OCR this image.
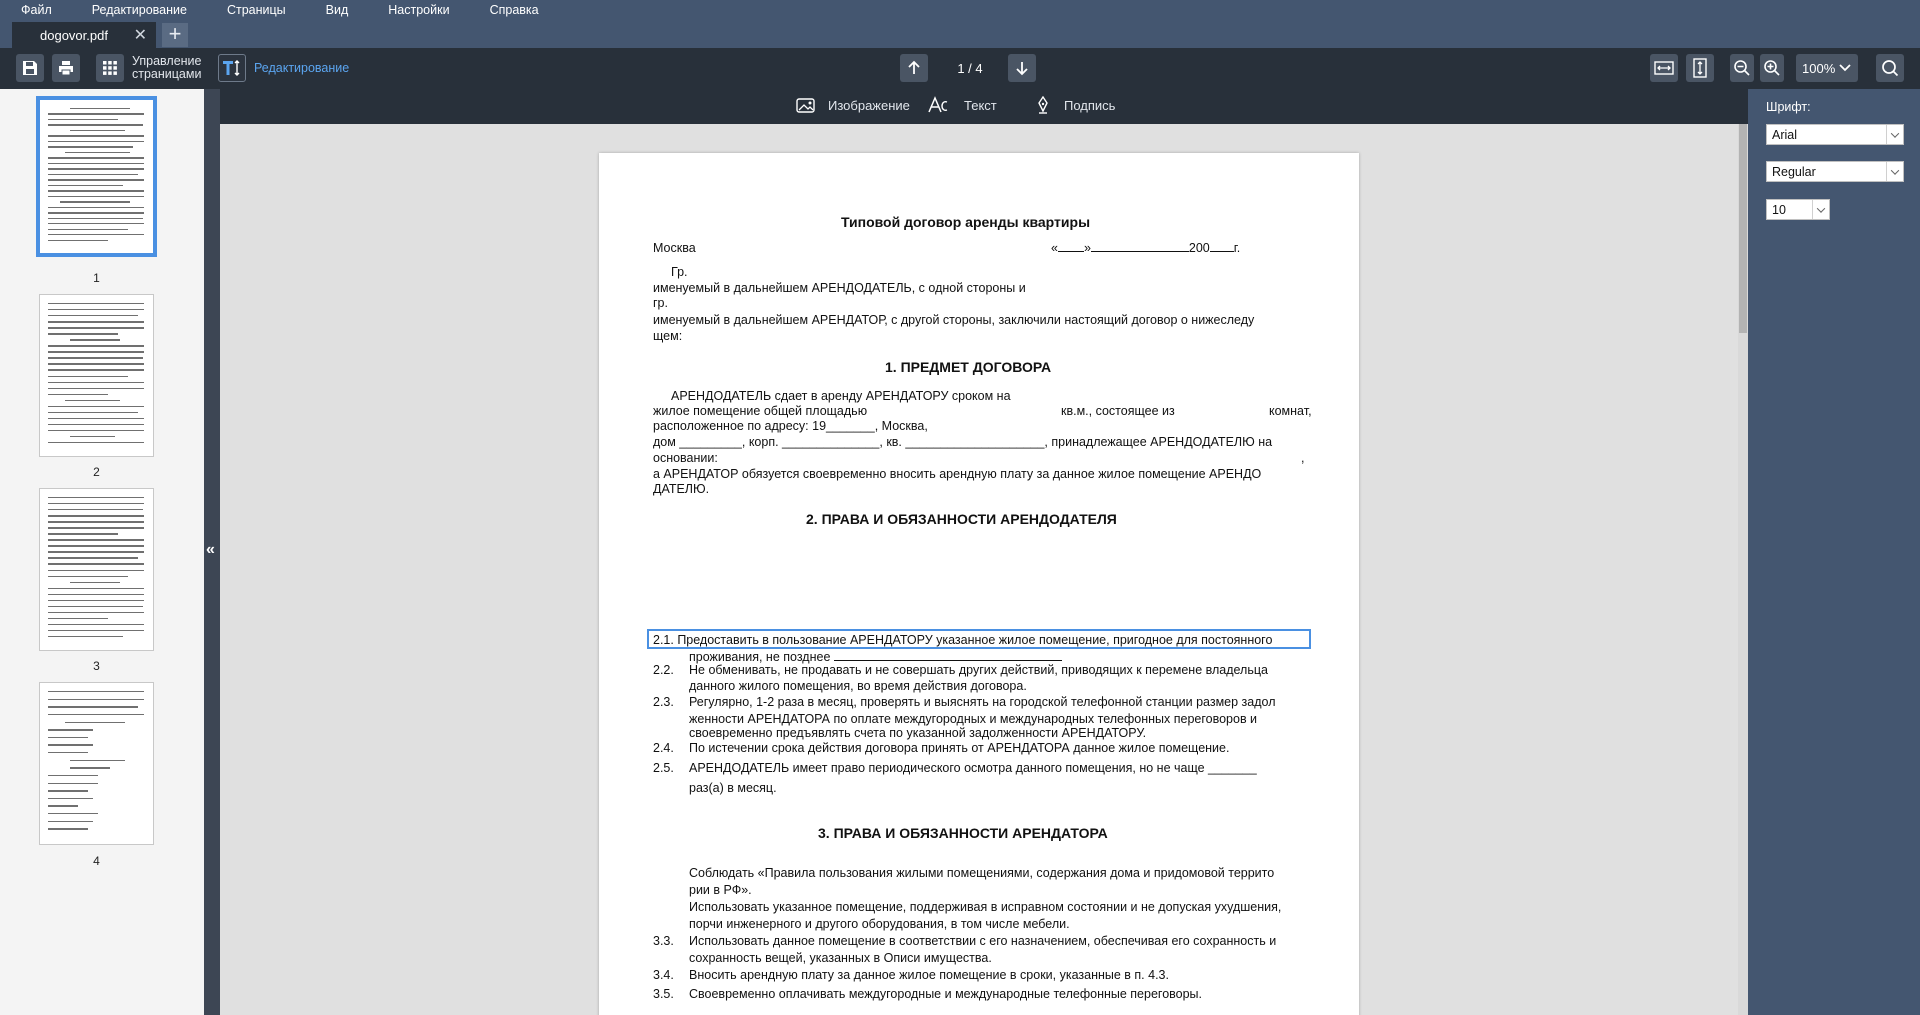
Файл	Редактирование	Страницы	Вид	Настройки	Справка
dogovor.pdf ✕ +
Управление
страницами	Редактирование	1 / 4	100%
1
2
3
4
«
Изображение	Текст	Подпись
Типовой договор аренды квартиры
Москва	« »	200 г.
Гр.
именуемый в дальнейшем АРЕНДОДАТЕЛЬ, с одной стороны и
гр.
именуемый в дальнейшем АРЕНДАТОР, с другой стороны, заключили настоящий договор о нижеследу
щем:
1. ПРЕДМЕТ ДОГОВОРА
АРЕНДОДАТЕЛЬ сдает в аренду АРЕНДАТОРУ сроком на
жилое помещение общей площадью	кв.м., состоящее из	комнат,
расположенное по адресу: 19_______, Москва,
дом _________, корп. ______________, кв. ____________________, принадлежащее АРЕНДОДАТЕЛЮ на
основании:	,
а АРЕНДАТОР обязуется своевременно вносить арендную плату за данное жилое помещение АРЕНДО
ДАТЕЛЮ.
2. ПРАВА И ОБЯЗАННОСТИ АРЕНДОДАТЕЛЯ
2.1. Предоставить в пользование АРЕНДАТОРУ указанное жилое помещение, пригодное для постоянного
проживания, не позднее
2.2. Не обменивать, не продавать и не совершать других действий, приводящих к перемене владельца
данного жилого помещения, во время действия договора.
2.3. Регулярно, 1-2 раза в месяц, проверять и выяснять на городской телефонной станции размер задол
женности АРЕНДАТОРА по оплате междугородных и международных телефонных переговоров и
своевременно предъявлять счета по указанной задолженности АРЕНДАТОРУ.
2.4. По истечении срока действия договора принять от АРЕНДАТОРА данное жилое помещение.
2.5. АРЕНДОДАТЕЛЬ имеет право периодического осмотра данного помещения, но не чаще _______
раз(а) в месяц.
3. ПРАВА И ОБЯЗАННОСТИ АРЕНДАТОРА
Соблюдать «Правила пользования жилыми помещениями, содержания дома и придомовой террито
рии в РФ».
Использовать указанное помещение, поддерживая в исправном состоянии и не допуская ухудшения,
порчи инженерного и другого оборудования, в том числе мебели.
3.3. Использовать данное помещение в соответствии с его назначением, обеспечивая его сохранность и
сохранность вещей, указанных в Описи имущества.
3.4. Вносить арендную плату за данное жилое помещение в сроки, указанные в п. 4.3.
3.5. Своевременно оплачивать междугородные и международные телефонные переговоры.
Шрифт:
Arial
Regular
10
